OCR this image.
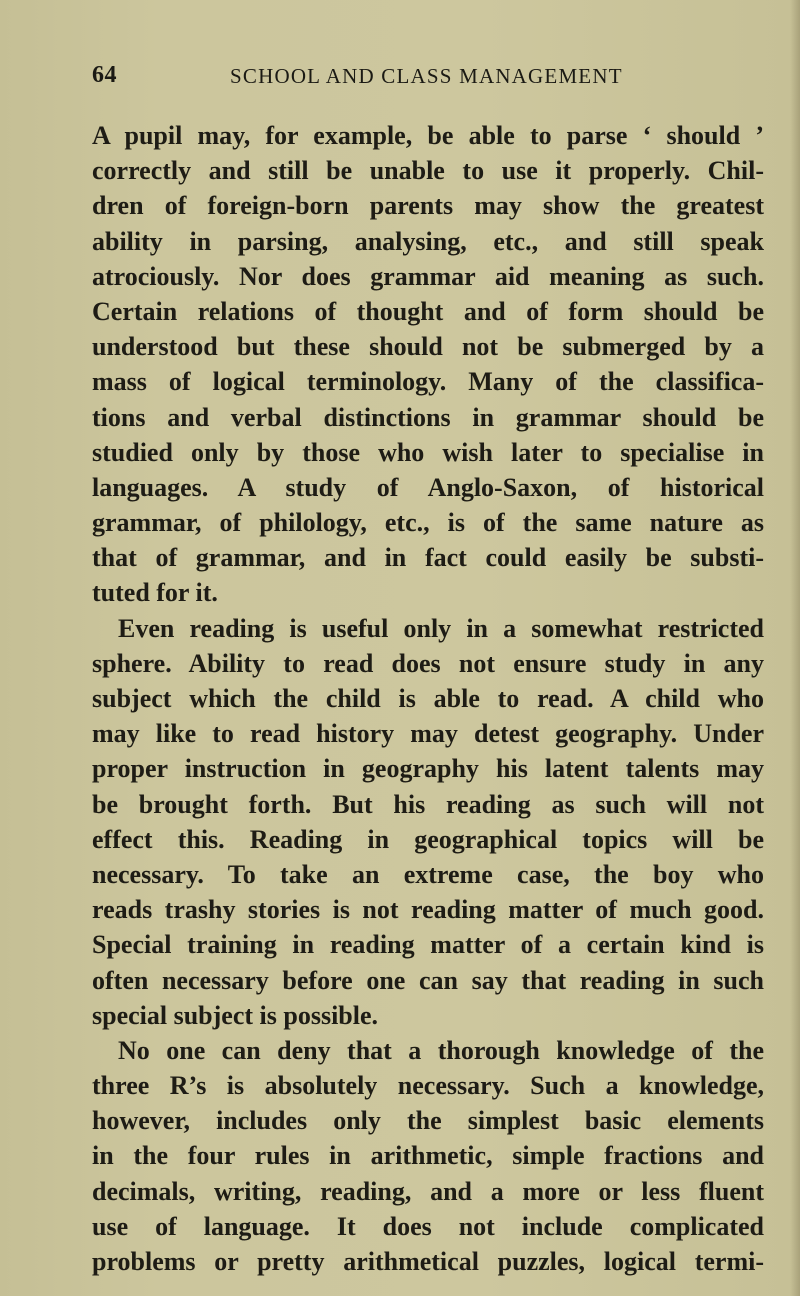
64	SCHOOL AND CLASS MANAGEMENT
A pupil may, for example, be able to parse ‘ should ’
correctly and still be unable to use it properly. Chil-
dren of foreign-born parents may show the greatest
ability in parsing, analysing, etc., and still speak
atrociously. Nor does grammar aid meaning as such.
Certain relations of thought and of form should be
understood but these should not be submerged by a
mass of logical terminology. Many of the classifica-
tions and verbal distinctions in grammar should be
studied only by those who wish later to specialise in
languages. A study of Anglo-Saxon, of historical
grammar, of philology, etc., is of the same nature as
that of grammar, and in fact could easily be substi-
tuted for it.
Even reading is useful only in a somewhat restricted
sphere. Ability to read does not ensure study in any
subject which the child is able to read. A child who
may like to read history may detest geography. Under
proper instruction in geography his latent talents may
be brought forth. But his reading as such will not
effect this. Reading in geographical topics will be
necessary. To take an extreme case, the boy who
reads trashy stories is not reading matter of much good.
Special training in reading matter of a certain kind is
often necessary before one can say that reading in such
special subject is possible.
No one can deny that a thorough knowledge of the
three R’s is absolutely necessary. Such a knowledge,
however, includes only the simplest basic elements
in the four rules in arithmetic, simple fractions and
decimals, writing, reading, and a more or less fluent
use of language. It does not include complicated
problems or pretty arithmetical puzzles, logical termi-
